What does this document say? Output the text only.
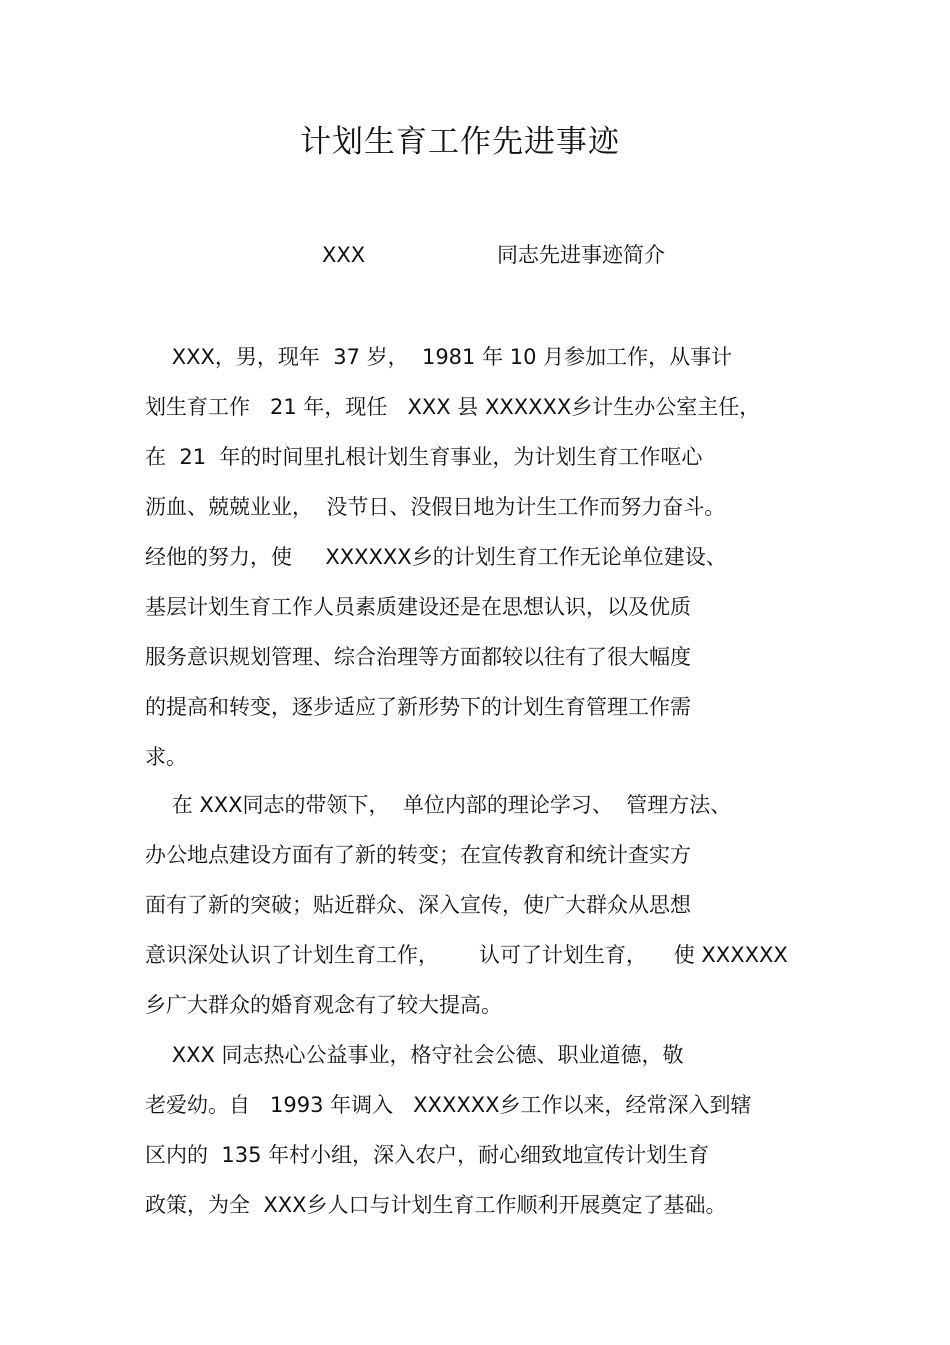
计划生育工作先进事迹
XXX	同志先进事迹简介
XXX，男，现年  37 岁，  1981 年 10 月参加工作，从事计
划生育工作   21 年，现任   XXX 县 XXXXXX乡计生办公室主任，
在  21  年的时间里扎根计划生育事业，为计划生育工作呕心
沥血、兢兢业业，  没节日、没假日地为计生工作而努力奋斗。
经他的努力，使     XXXXXX乡的计划生育工作无论单位建设、
基层计划生育工作人员素质建设还是在思想认识，以及优质
服务意识规划管理、综合治理等方面都较以往有了很大幅度
的提高和转变，逐步适应了新形势下的计划生育管理工作需
求。
在 XXX同志的带领下，  单位内部的理论学习、  管理方法、
办公地点建设方面有了新的转变；在宣传教育和统计查实方
面有了新的突破；贴近群众、深入宣传，使广大群众从思想
意识深处认识了计划生育工作，      认可了计划生育，    使 XXXXXX
乡广大群众的婚育观念有了较大提高。
XXX 同志热心公益事业，格守社会公德、职业道德，敬
老爱幼。自   1993 年调入   XXXXXX乡工作以来，经常深入到辖
区内的  135 年村小组，深入农户，耐心细致地宣传计划生育
政策，为全  XXX乡人口与计划生育工作顺利开展奠定了基础。
